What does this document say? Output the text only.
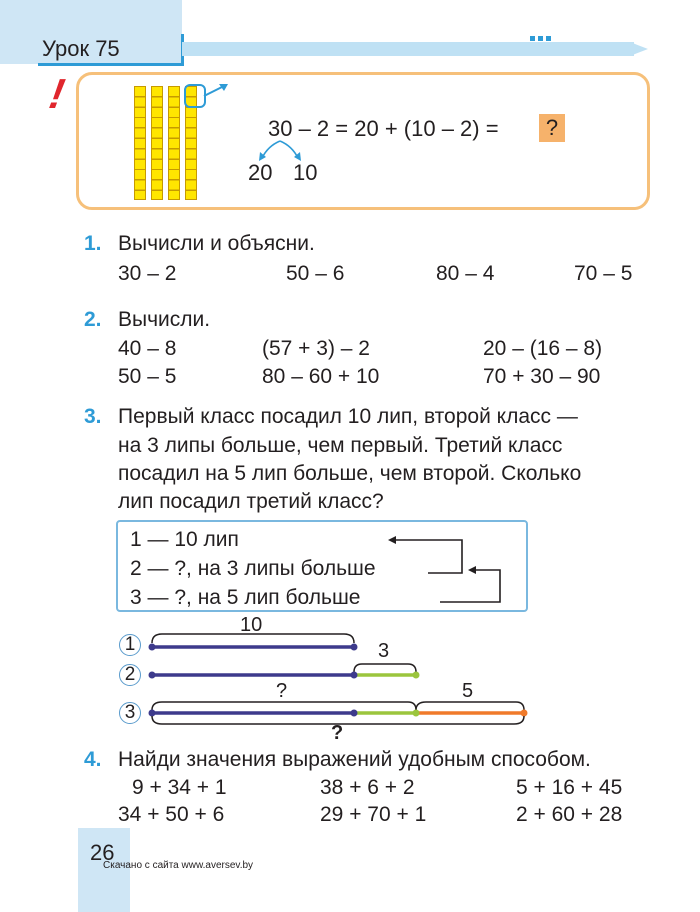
Урок 75
!
30 – 2 = 20 + (10 – 2) =	?
20 10
1. Вычисли и объясни.
30 – 2	50 – 6	80 – 4	70 – 5
2. Вычисли.
40 – 8	(57 + 3) – 2	20 – (16 – 8)
50 – 5	80 – 60 + 10	70 + 30 – 90
3. Первый класс посадил 10 лип, второй класс —
на 3 липы больше, чем первый. Третий класс
посадил на 5 лип больше, чем второй. Сколько
лип посадил третий класс?
1 — 10 лип
2 — ?, на 3 липы больше
3 — ?, на 5 лип больше
1
2
3
10
3
?	5
?
4. Найди значения выражений удобным способом.
9 + 34 + 1	38 + 6 + 2	5 + 16 + 45
34 + 50 + 6	29 + 70 + 1	2 + 60 + 28
26
Скачано с сайта www.aversev.by
